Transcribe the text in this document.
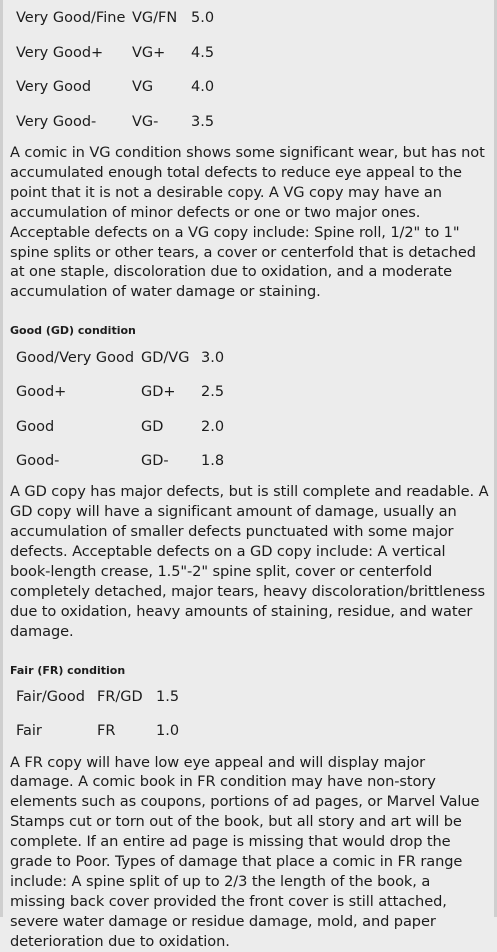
Very Good/Fine	VG/FN	5.0
Very Good+	VG+	4.5
Very Good	VG	4.0
Very Good-	VG-	3.5

A comic in VG condition shows some significant wear, but has not accumulated enough total defects to reduce eye appeal to the point that it is not a desirable copy. A VG copy may have an accumulation of minor defects or one or two major ones. Acceptable defects on a VG copy include: Spine roll, 1/2" to 1" spine splits or other tears, a cover or centerfold that is detached at one staple, discoloration due to oxidation, and a moderate accumulation of water damage or staining.

Good (GD) condition
Good/Very Good	GD/VG	3.0
Good+	GD+	2.5
Good	GD	2.0
Good-	GD-	1.8

A GD copy has major defects, but is still complete and readable. A GD copy will have a significant amount of damage, usually an accumulation of smaller defects punctuated with some major defects. Acceptable defects on a GD copy include: A vertical book-length crease, 1.5"-2" spine split, cover or centerfold completely detached, major tears, heavy discoloration/brittleness due to oxidation, heavy amounts of staining, residue, and water damage.

Fair (FR) condition
Fair/Good	FR/GD	1.5
Fair	FR	1.0

A FR copy will have low eye appeal and will display major damage. A comic book in FR condition may have non-story elements such as coupons, portions of ad pages, or Marvel Value Stamps cut or torn out of the book, but all story and art will be complete. If an entire ad page is missing that would drop the grade to Poor. Types of damage that place a comic in FR range include: A spine split of up to 2/3 the length of the book, a missing back cover provided the front cover is still attached, severe water damage or residue damage, mold, and paper deterioration due to oxidation.
